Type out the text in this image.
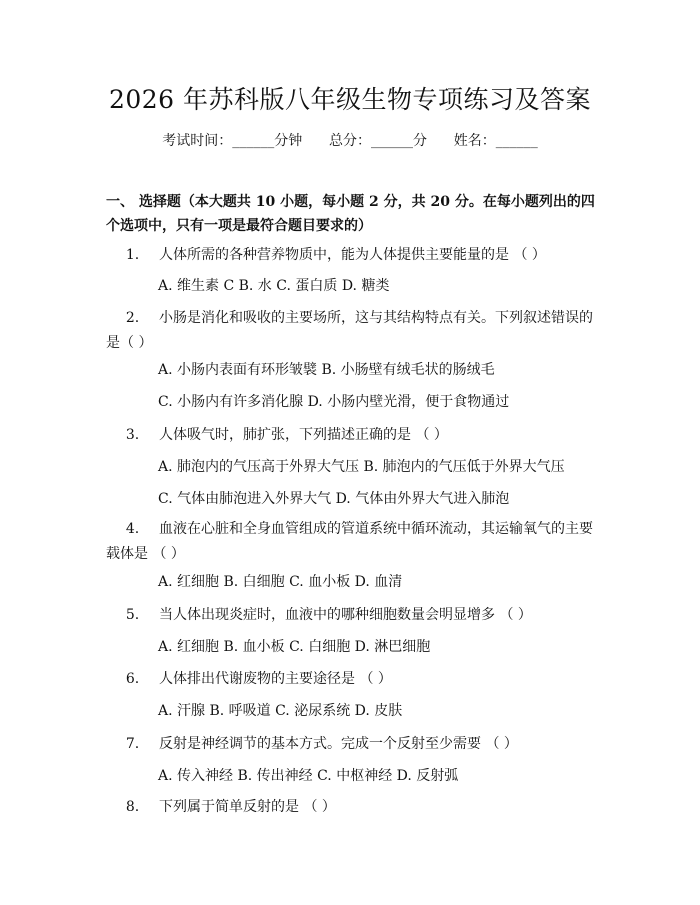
2026 年苏科版八年级生物专项练习及答案
考试时间：______分钟      总分：______分      姓名：______
一、 选择题（本大题共 10 小题，每小题 2 分，共 20 分。在每小题列出的四个选项中，只有一项是最符合题目要求的）
1. 人体所需的各种营养物质中，能为人体提供主要能量的是 （ ）
A. 维生素 C B. 水 C. 蛋白质 D. 糖类
2. 小肠是消化和吸收的主要场所，这与其结构特点有关。下列叙述错误的是（ ）
A. 小肠内表面有环形皱襞 B. 小肠壁有绒毛状的肠绒毛
C. 小肠内有许多消化腺 D. 小肠内壁光滑，便于食物通过
3. 人体吸气时，肺扩张，下列描述正确的是 （ ）
A. 肺泡内的气压高于外界大气压 B. 肺泡内的气压低于外界大气压
C. 气体由肺泡进入外界大气 D. 气体由外界大气进入肺泡
4. 血液在心脏和全身血管组成的管道系统中循环流动，其运输氧气的主要载体是 （ ）
A. 红细胞 B. 白细胞 C. 血小板 D. 血清
5. 当人体出现炎症时，血液中的哪种细胞数量会明显增多 （ ）
A. 红细胞 B. 血小板 C. 白细胞 D. 淋巴细胞
6. 人体排出代谢废物的主要途径是 （ ）
A. 汗腺 B. 呼吸道 C. 泌尿系统 D. 皮肤
7. 反射是神经调节的基本方式。完成一个反射至少需要 （ ）
A. 传入神经 B. 传出神经 C. 中枢神经 D. 反射弧
8. 下列属于简单反射的是 （ ）
